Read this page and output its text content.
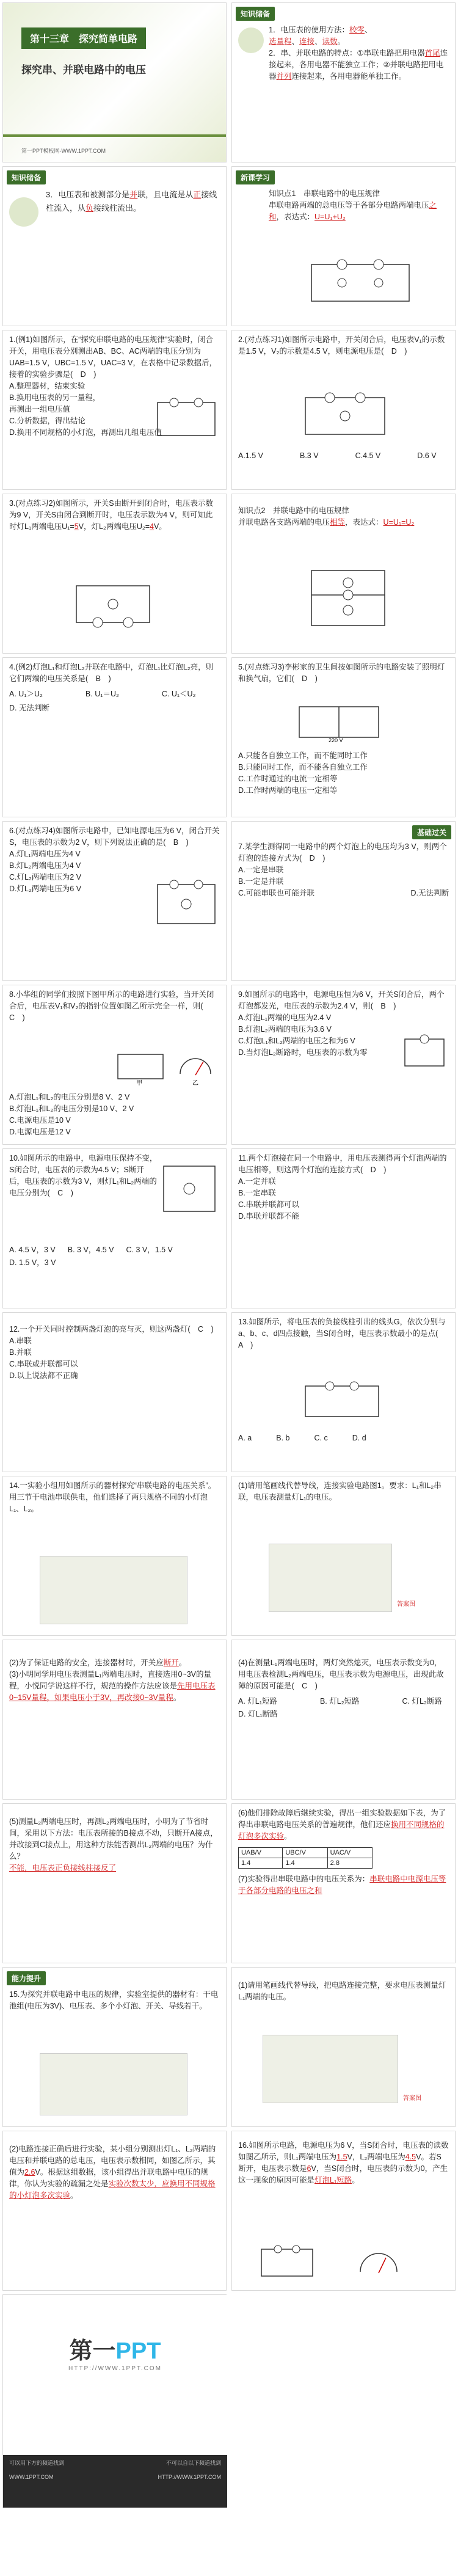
第十三章　探究简单电路
探究串、并联电路中的电压
第一PPT模板网-WWW.1PPT.COM
知识储备
1．电压表的使用方法：校零、
选量程、连接、读数。
2．串、并联电路的特点：①串联电路把用电器首尾连接起来，各用电器不能独立工作；②并联电路把用电器并列连接起来，各用电器能单独工作。
知识储备
3．电压表和被测部分是并联，且电流是从正接线柱流入，从负接线柱流出。
新课学习
知识点1　串联电路中的电压规律
串联电路两端的总电压等于各部分电路两端电压之和，表达式：U=U₁+U₂
1.(例1)如图所示，在“探究串联电路的电压规律”实验时，闭合开关，用电压表分别测出AB、BC、AC两端的电压分别为UAB=1.5 V，UBC=1.5 V，UAC=3 V，在表格中记录数据后，接着的实验步骤是(　D　)
A.整理器材，结束实验
B.换用电压表的另一量程，
再测出一组电压值
C.分析数据，得出结论
D.换用不同规格的小灯泡，再测出几组电压值
2.(对点练习1)如图所示电路中，开关闭合后，电压表V₁的示数是1.5 V，V₂的示数是4.5 V，则电源电压是(　D　)
A.1.5 V	B.3 V	C.4.5 V	D.6 V
3.(对点练习2)如图所示，开关S由断开到闭合时，电压表示数为9 V，开关S由闭合到断开时，电压表示数为4 V，则可知此时灯L₁两端电压U₁=5V，灯L₂两端电压U₂=4V。
知识点2　并联电路中的电压规律
并联电路各支路两端的电压相等，表达式：U=U₁=U₂
4.(例2)灯泡L₁和灯泡L₂并联在电路中，灯泡L₁比灯泡L₂亮，则它们两端的电压关系是(　B　)
A. U₁＞U₂	B. U₁＝U₂	C. U₁＜U₂
D. 无法判断
5.(对点练习3)李彬家的卫生间按如图所示的电路安装了照明灯和换气扇，它们(　D　)
220 V
A.只能各自独立工作，而不能同时工作
B.只能同时工作，而不能各自独立工作
C.工作时通过的电流一定相等
D.工作时两端的电压一定相等
6.(对点练习4)如图所示电路中，已知电源电压为6 V，闭合开关S，电压表的示数为2 V，则下列说法正确的是(　B　)
A.灯L₁两端电压为4 V
B.灯L₂两端电压为4 V
C.灯L₂两端电压为2 V
D.灯L₂两端电压为6 V
基础过关
7.某学生测得同一电路中的两个灯泡上的电压均为3 V，则两个灯泡的连接方式为(　D　)
A.一定是串联
B.一定是并联
C.可能串联也可能并联	D.无法判断
8.小华组的同学们按照下图甲所示的电路进行实验，当开关闭合后，电压表V₁和V₂的指针位置如图乙所示完全一样，则(　C　)
甲	乙
A.灯泡L₁和L₂的电压分别是8 V、2 V
B.灯泡L₁和L₂的电压分别是10 V、2 V
C.电源电压是10 V
D.电源电压是12 V
9.如图所示的电路中，电源电压恒为6 V，开关S闭合后，两个灯泡都发光，电压表的示数为2.4 V，则(　B　)
A.灯泡L₁两端的电压为2.4 V
B.灯泡L₂两端的电压为3.6 V
C.灯泡L₁和L₂两端的电压之和为6 V
D.当灯泡L₂断路时，电压表的示数为零
10.如图所示的电路中，电源电压保持不变，S闭合时，电压表的示数为4.5 V；S断开后，电压表的示数为3 V，则灯L₁和L₂两端的电压分别为(　C　)
A. 4.5 V，3 V B. 3 V，4.5 V C. 3 V，1.5 V
D. 1.5 V，3 V
11.两个灯泡接在同一个电路中，用电压表测得两个灯泡两端的电压相等，则这两个灯泡的连接方式(　D　)
A.一定并联
B.一定串联
C.串联并联都可以
D.串联并联都不能
12.一个开关同时控制两盏灯泡的亮与灭，则这两盏灯(　C　)
A.串联
B.并联
C.串联或并联都可以
D.以上说法都不正确
13.如图所示，将电压表的负接线柱引出的线头G，依次分别与a、b、c、d四点接触，当S闭合时，电压表示数最小的是点(　A　)
A. a	B. b	C. c	D. d
14.一实验小组用如图所示的器材探究“串联电路的电压关系”。用三节干电池串联供电，他们选择了两只规格不同的小灯泡L₁、L₂。
(1)请用笔画线代替导线，连接实验电路图1。要求：L₁和L₂串联，电压表测量灯L₁的电压。
答案图
(2)为了保证电路的安全，连接器材时，开关应断开。
(3)小明同学用电压表测量L₁两端电压时，直接选用0~3V的量程，小悦同学说这样不行，规范的操作方法应该是先用电压表0~15V量程，如果电压小于3V，再改接0~3V量程。
(4)在测量L₁两端电压时，两灯突然熄灭，电压表示数变为0，用电压表检测L₂两端电压，电压表示数为电源电压，出现此故障的原因可能是(　C　)
A. 灯L₁短路	B. 灯L₂短路	C. 灯L₂断路
D. 灯L₁断路
(5)测量L₂两端电压时，再测L₂两端电压时，小明为了节省时间，采用以下方法：电压表所接的B接点不动，只断开A接点，并改接到C接点上，用这种方法能否测出L₂两端的电压？为什么？
不能，电压表正负接线柱接反了
(6)他们排除故障后继续实验，得出一组实验数据如下表，为了得出串联电路电压关系的普遍规律，他们还应换用不同规格的灯泡多次实验。
UAB/V	UBC/V	UAC/V
1.4	1.4	2.8
(7)实验得出串联电路中的电压关系为：串联电路中电源电压等于各部分电路的电压之和
能力提升
15.为探究并联电路中电压的规律，实验室提供的器材有：干电池组(电压为3V)、电压表、多个小灯泡、开关、导线若干。
(1)请用笔画线代替导线，把电路连接完整，要求电压表测量灯L₁两端的电压。
答案图
(2)电路连接正确后进行实验，某小组分别测出灯L₁、L₂两端的电压和并联电路的总电压，电压表示数相同，如图乙所示，其值为2.6V。根据这组数据，该小组得出并联电路中电压的规律，你认为实验的疏漏之处是实验次数太少，应换用不同规格的小灯泡多次实验。
16.如图所示电路，电源电压为6 V，当S闭合时，电压表的读数如图乙所示，则L₁两端电压为1.5V，L₂两端电压为4.5V。若S断开，电压表示数是6V，当S闭合时，电压表的示数为0，产生这一现象的原因可能是灯泡L₁短路。
第一PPT
HTTP://WWW.1PPT.COM
可以用下方的频道找到	不可以自以下频道找到
WWW.1PPT.COM	HTTP://WWW.1PPT.COM
